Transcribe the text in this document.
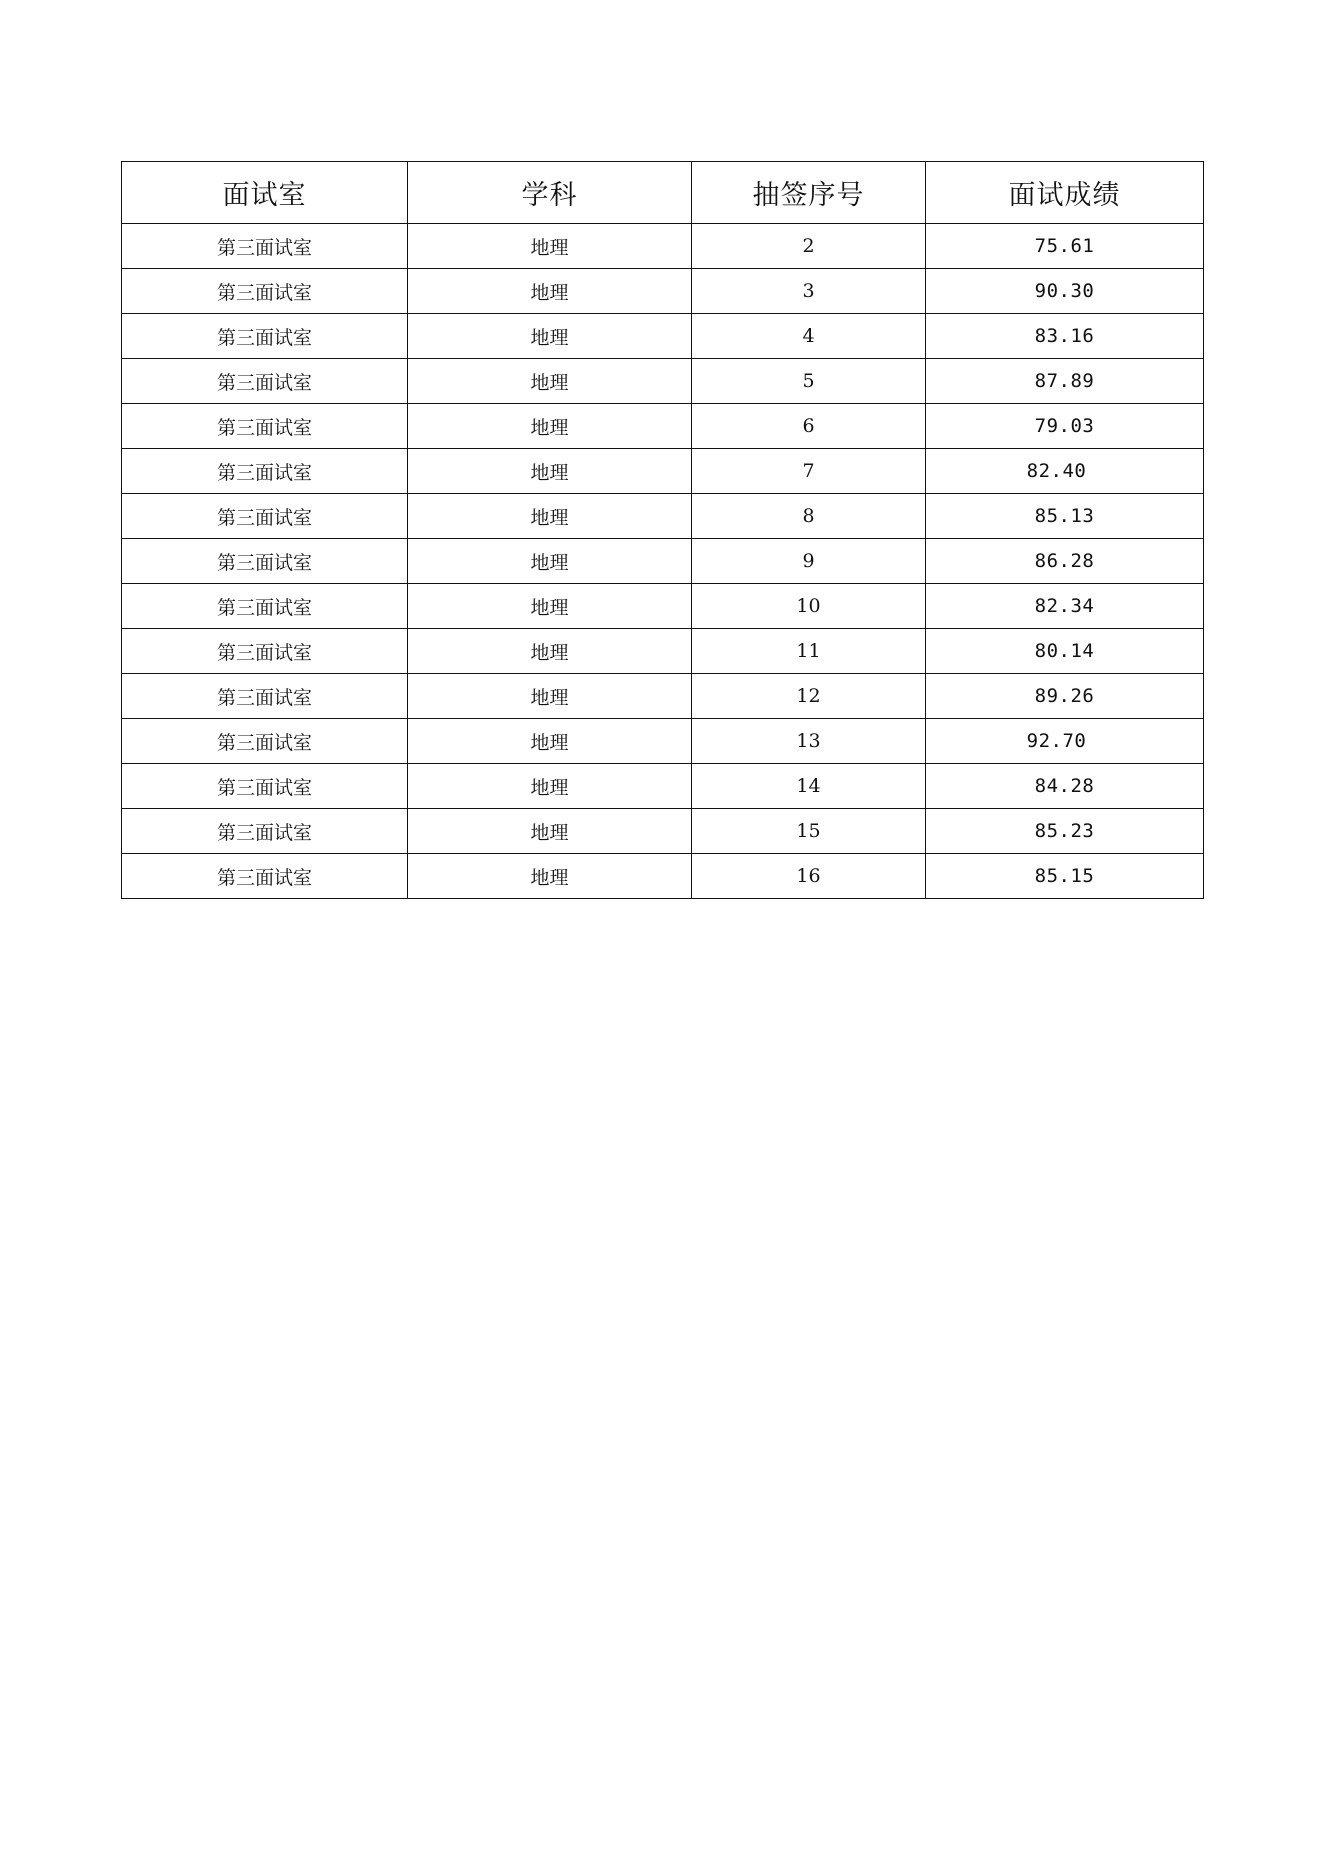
面试室	学科	抽签序号	面试成绩
第三面试室	地理	2	75.61
第三面试室	地理	3	90.30
第三面试室	地理	4	83.16
第三面试室	地理	5	87.89
第三面试室	地理	6	79.03
第三面试室	地理	7	82.40
第三面试室	地理	8	85.13
第三面试室	地理	9	86.28
第三面试室	地理	10	82.34
第三面试室	地理	11	80.14
第三面试室	地理	12	89.26
第三面试室	地理	13	92.70
第三面试室	地理	14	84.28
第三面试室	地理	15	85.23
第三面试室	地理	16	85.15
